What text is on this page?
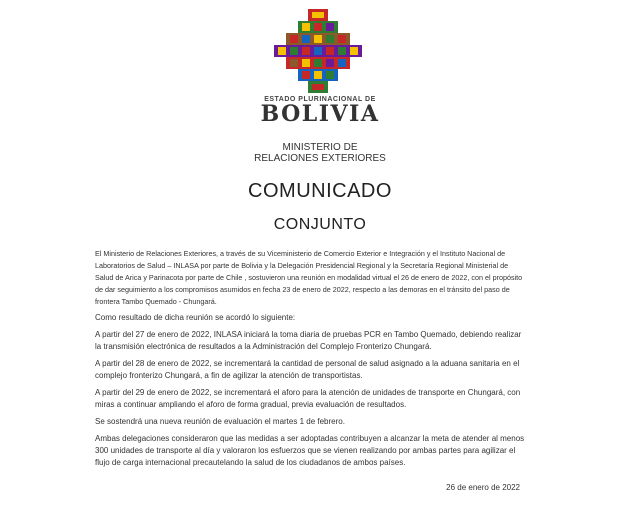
ESTADO PLURINACIONAL DE
BOLIVIA
MINISTERIO DE
RELACIONES EXTERIORES
COMUNICADO
CONJUNTO

El Ministerio de Relaciones Exteriores, a través de su Viceministerio de Comercio Exterior e Integración y el Instituto Nacional de Laboratorios de Salud – INLASA por parte de Bolivia y la Delegación Presidencial Regional y la Secretaría Regional Ministerial de Salud de Arica y Parinacota por parte de Chile , sostuvieron una reunión en modalidad virtual el 26 de enero de 2022, con el propósito de dar seguimiento a los compromisos asumidos en fecha 23 de enero de 2022, respecto a las demoras en el tránsito del paso de frontera Tambo Quemado - Chungará.

Como resultado de dicha reunión se acordó lo siguiente:

A partir del 27 de enero de 2022, INLASA iniciará la toma diaria de pruebas PCR en Tambo Quemado, debiendo realizar la transmisión electrónica de resultados a la Administración del Complejo Fronterizo Chungará.

A partir del 28 de enero de 2022, se incrementará la cantidad de personal de salud asignado a la aduana sanitaria en el complejo fronterizo Chungará, a fin de agilizar la atención de transportistas.

A partir del 29 de enero de 2022, se incrementará el aforo para la atención de unidades de transporte en Chungará, con miras a continuar ampliando el aforo de forma gradual, previa evaluación de resultados.

Se sostendrá una nueva reunión de evaluación el martes 1 de febrero.

Ambas delegaciones consideraron que las medidas a ser adoptadas contribuyen a alcanzar la meta de atender al menos 300 unidades de transporte al día y valoraron los esfuerzos que se vienen realizando por ambas partes para agilizar el flujo de carga internacional precautelando la salud de los ciudadanos de ambos países.

26 de enero de 2022
